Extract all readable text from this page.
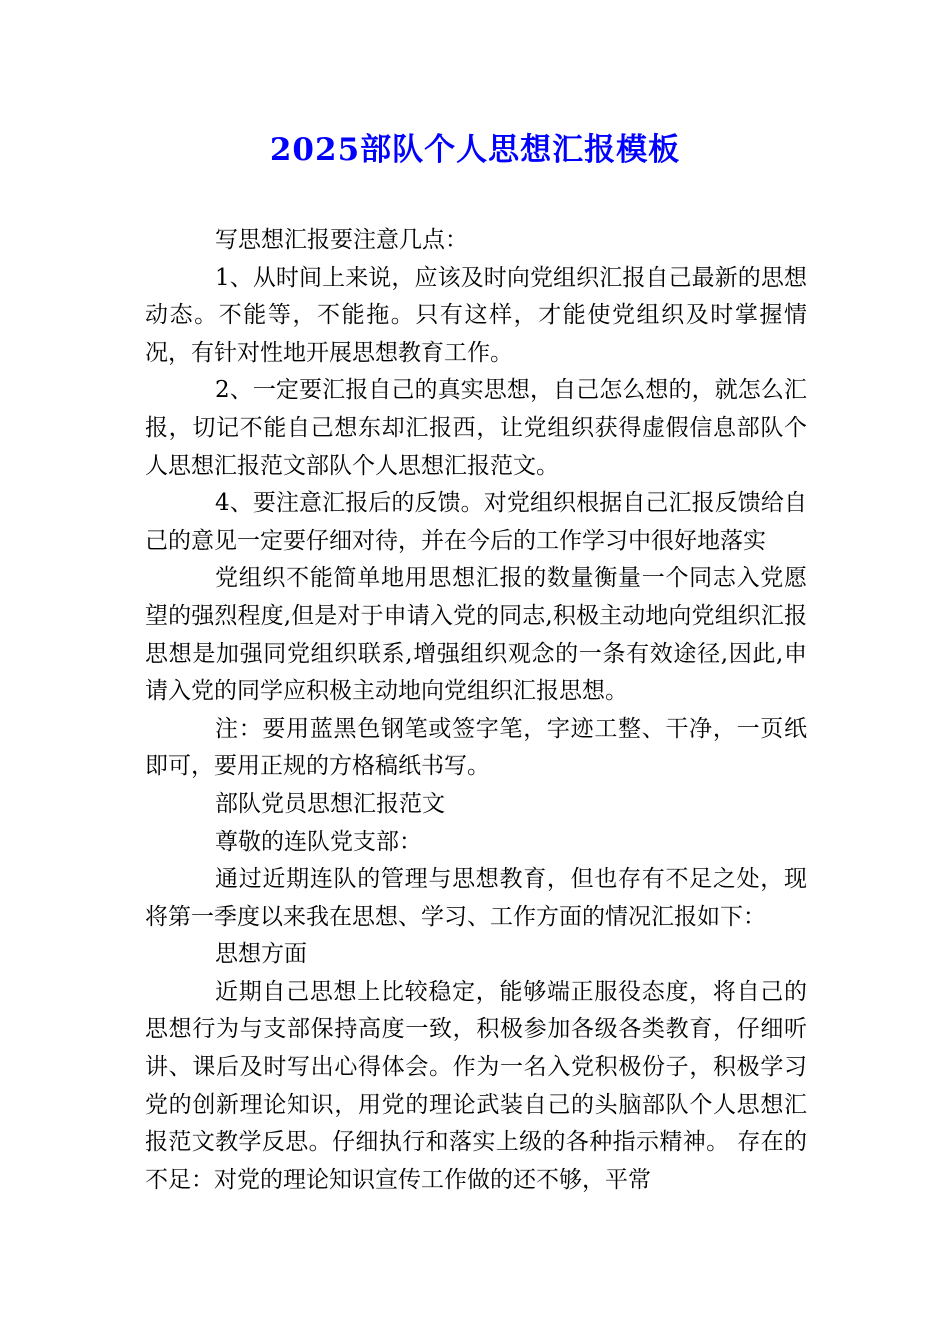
2025部队个人思想汇报模板

写思想汇报要注意几点：

1、从时间上来说，应该及时向党组织汇报自己最新的思想动态。不能等，不能拖。只有这样，才能使党组织及时掌握情况，有针对性地开展思想教育工作。

2、一定要汇报自己的真实思想，自己怎么想的，就怎么汇报，切记不能自己想东却汇报西，让党组织获得虚假信息部队个人思想汇报范文部队个人思想汇报范文。

4、要注意汇报后的反馈。对党组织根据自己汇报反馈给自己的意见一定要仔细对待，并在今后的工作学习中很好地落实

党组织不能简单地用思想汇报的数量衡量一个同志入党愿望的强烈程度,但是对于申请入党的同志,积极主动地向党组织汇报思想是加强同党组织联系,增强组织观念的一条有效途径,因此,申请入党的同学应积极主动地向党组织汇报思想。

注：要用蓝黑色钢笔或签字笔，字迹工整、干净，一页纸即可，要用正规的方格稿纸书写。

部队党员思想汇报范文

尊敬的连队党支部：

通过近期连队的管理与思想教育，但也存有不足之处，现将第一季度以来我在思想、学习、工作方面的情况汇报如下：

思想方面

近期自己思想上比较稳定，能够端正服役态度，将自己的思想行为与支部保持高度一致，积极参加各级各类教育，仔细听讲、课后及时写出心得体会。作为一名入党积极份子，积极学习党的创新理论知识，用党的理论武装自己的头脑部队个人思想汇报范文教学反思。仔细执行和落实上级的各种指示精神。 存在的不足：对党的理论知识宣传工作做的还不够，平常
